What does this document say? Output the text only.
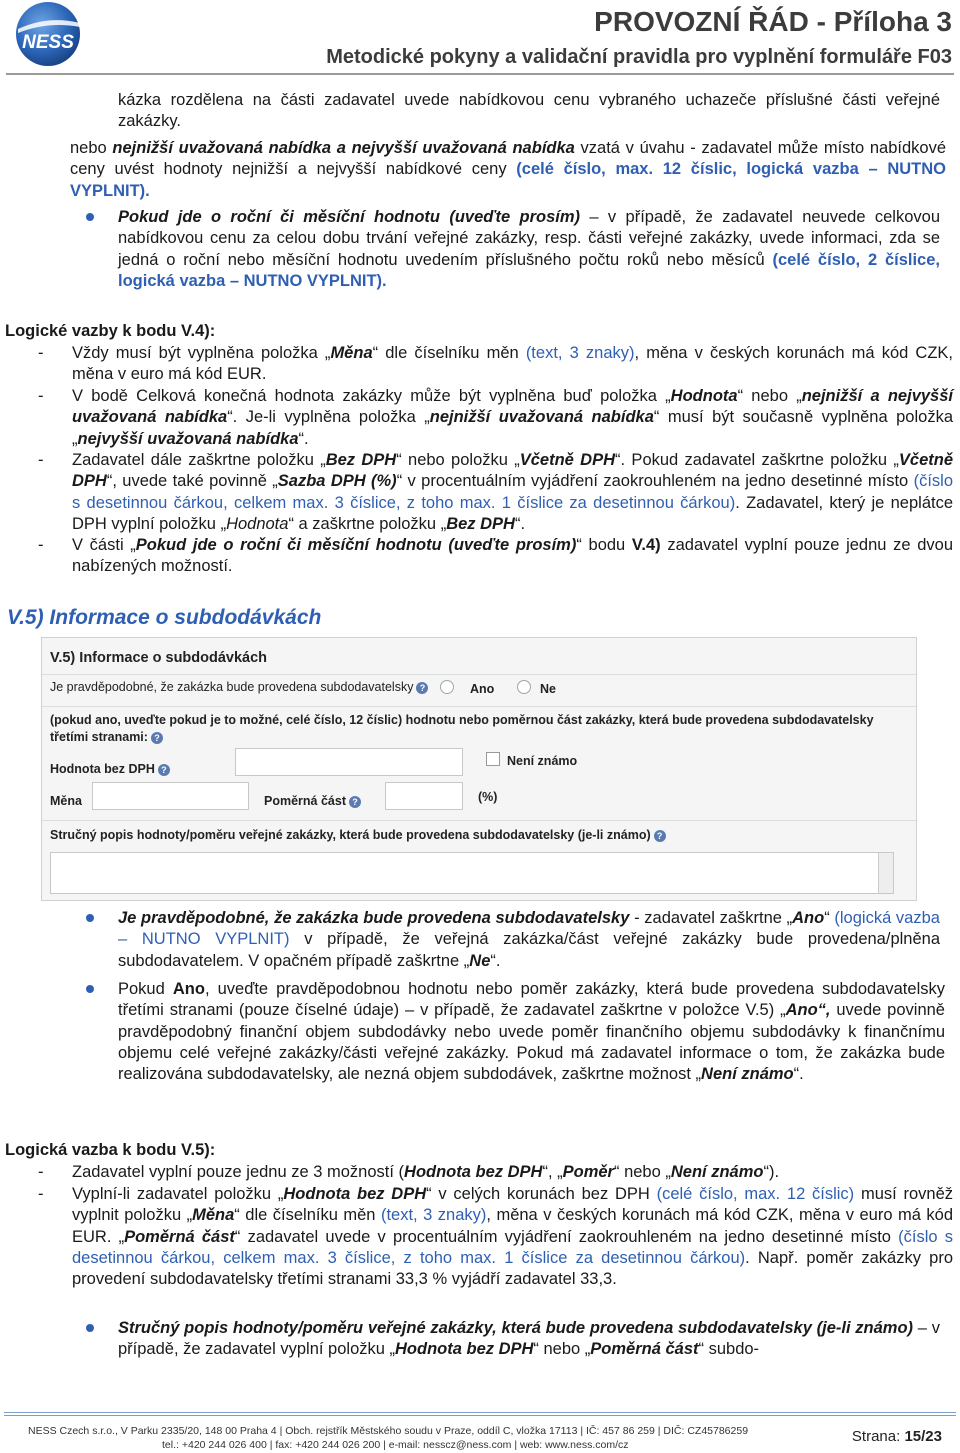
NESS
PROVOZNÍ ŘÁD - Příloha 3
Metodické pokyny a validační pravidla pro vyplnění formuláře F03
kázka rozdělena na části zadavatel uvede nabídkovou cenu vybraného uchazeče příslušné části veřejné zakázky.
nebo nejnižší uvažovaná nabídka a nejvyšší uvažovaná nabídka vzatá v úvahu - zadavatel může místo nabídkové ceny uvést hodnoty nejnižší a nejvyšší nabídkové ceny (celé číslo, max. 12 číslic, logická vazba – NUTNO VYPLNIT).
Pokud jde o roční či měsíční hodnotu (uveďte prosím) – v případě, že zadavatel neuvede celkovou nabídkovou cenu za celou dobu trvání veřejné zakázky, resp. části veřejné zakázky, uvede informaci, zda se jedná o roční nebo měsíční hodnotu uvedením příslušného počtu roků nebo měsíců (celé číslo, 2 číslice, logická vazba – NUTNO VYPLNIT).
Logické vazby k bodu V.4):
- Vždy musí být vyplněna položka „Měna“ dle číselníku měn (text, 3 znaky), měna v českých korunách má kód CZK, měna v euro má kód EUR.
- V bodě Celková konečná hodnota zakázky může být vyplněna buď položka „Hodnota“ nebo „nejnižší a nejvyšší uvažovaná nabídka“. Je-li vyplněna položka „nejnižší uvažovaná nabídka“ musí být současně vyplněna položka „nejvyšší uvažovaná nabídka“.
- Zadavatel dále zaškrtne položku „Bez DPH“ nebo položku „Včetně DPH“. Pokud zadavatel zaškrtne položku „Včetně DPH“, uvede také povinně „Sazba DPH (%)“ v procentuálním vyjádření zaokrouhleném na jedno desetinné místo (číslo s desetinnou čárkou, celkem max. 3 číslice, z toho max. 1 číslice za desetinnou čárkou). Zadavatel, který je neplátce DPH vyplní položku „Hodnota“ a zaškrtne položku „Bez DPH“.
- V části „Pokud jde o roční či měsíční hodnotu (uveďte prosím)“ bodu V.4) zadavatel vyplní pouze jednu ze dvou nabízených možností.
V.5) Informace o subdodávkách
V.5) Informace o subdodávkách
Je pravděpodobné, že zakázka bude provedena subdodavatelsky ?	Ano	Ne
(pokud ano, uveďte pokud je to možné, celé číslo, 12 číslic) hodnotu nebo poměrnou část zakázky, která bude provedena subdodavatelsky třetími stranami: ?
Hodnota bez DPH ?
Není známo
Měna	Poměrná část ?	(%)
Stručný popis hodnoty/poměru veřejné zakázky, která bude provedena subdodavatelsky (je-li známo) ?
Je pravděpodobné, že zakázka bude provedena subdodavatelsky - zadavatel zaškrtne „Ano“ (logická vazba – NUTNO VYPLNIT) v případě, že veřejná zakázka/část veřejné zakázky bude provedena/plněna subdodavatelem. V opačném případě zaškrtne „Ne“.
Pokud Ano, uveďte pravděpodobnou hodnotu nebo poměr zakázky, která bude provedena subdodavatelsky třetími stranami (pouze číselné údaje) – v případě, že zadavatel zaškrtne v položce V.5) „Ano“, uvede povinně pravděpodobný finanční objem subdodávky nebo uvede poměr finančního objemu subdodávky k finančnímu objemu celé veřejné zakázky/části veřejné zakázky. Pokud má zadavatel informace o tom, že zakázka bude realizována subdodavatelsky, ale nezná objem subdodávek, zaškrtne možnost „Není známo“.
Logická vazba k bodu V.5):
- Zadavatel vyplní pouze jednu ze 3 možností (Hodnota bez DPH“, „Poměr“ nebo „Není známo“).
- Vyplní-li zadavatel položku „Hodnota bez DPH“ v celých korunách bez DPH (celé číslo, max. 12 číslic) musí rovněž vyplnit položku „Měna“ dle číselníku měn (text, 3 znaky), měna v českých korunách má kód CZK, měna v euro má kód EUR. „Poměrná část“ zadavatel uvede v procentuálním vyjádření zaokrouhleném na jedno desetinné místo (číslo s desetinnou čárkou, celkem max. 3 číslice, z toho max. 1 číslice za desetinnou čárkou). Např. poměr zakázky pro provedení subdodavatelsky třetími stranami 33,3 % vyjádří zadavatel 33,3.
Stručný popis hodnoty/poměru veřejné zakázky, která bude provedena subdodavatelsky (je-li známo) – v případě, že zadavatel vyplní položku „Hodnota bez DPH“ nebo „Poměrná část“ subdo-
NESS Czech s.r.o., V Parku 2335/20, 148 00 Praha 4 | Obch. rejstřík Městského soudu v Praze, oddíl C, vložka 17113 | IČ: 457 86 259 | DIČ: CZ45786259
tel.: +420 244 026 400 | fax: +420 244 026 200 | e-mail: nesscz@ness.com | web: www.ness.com/cz	Strana: 15/23
